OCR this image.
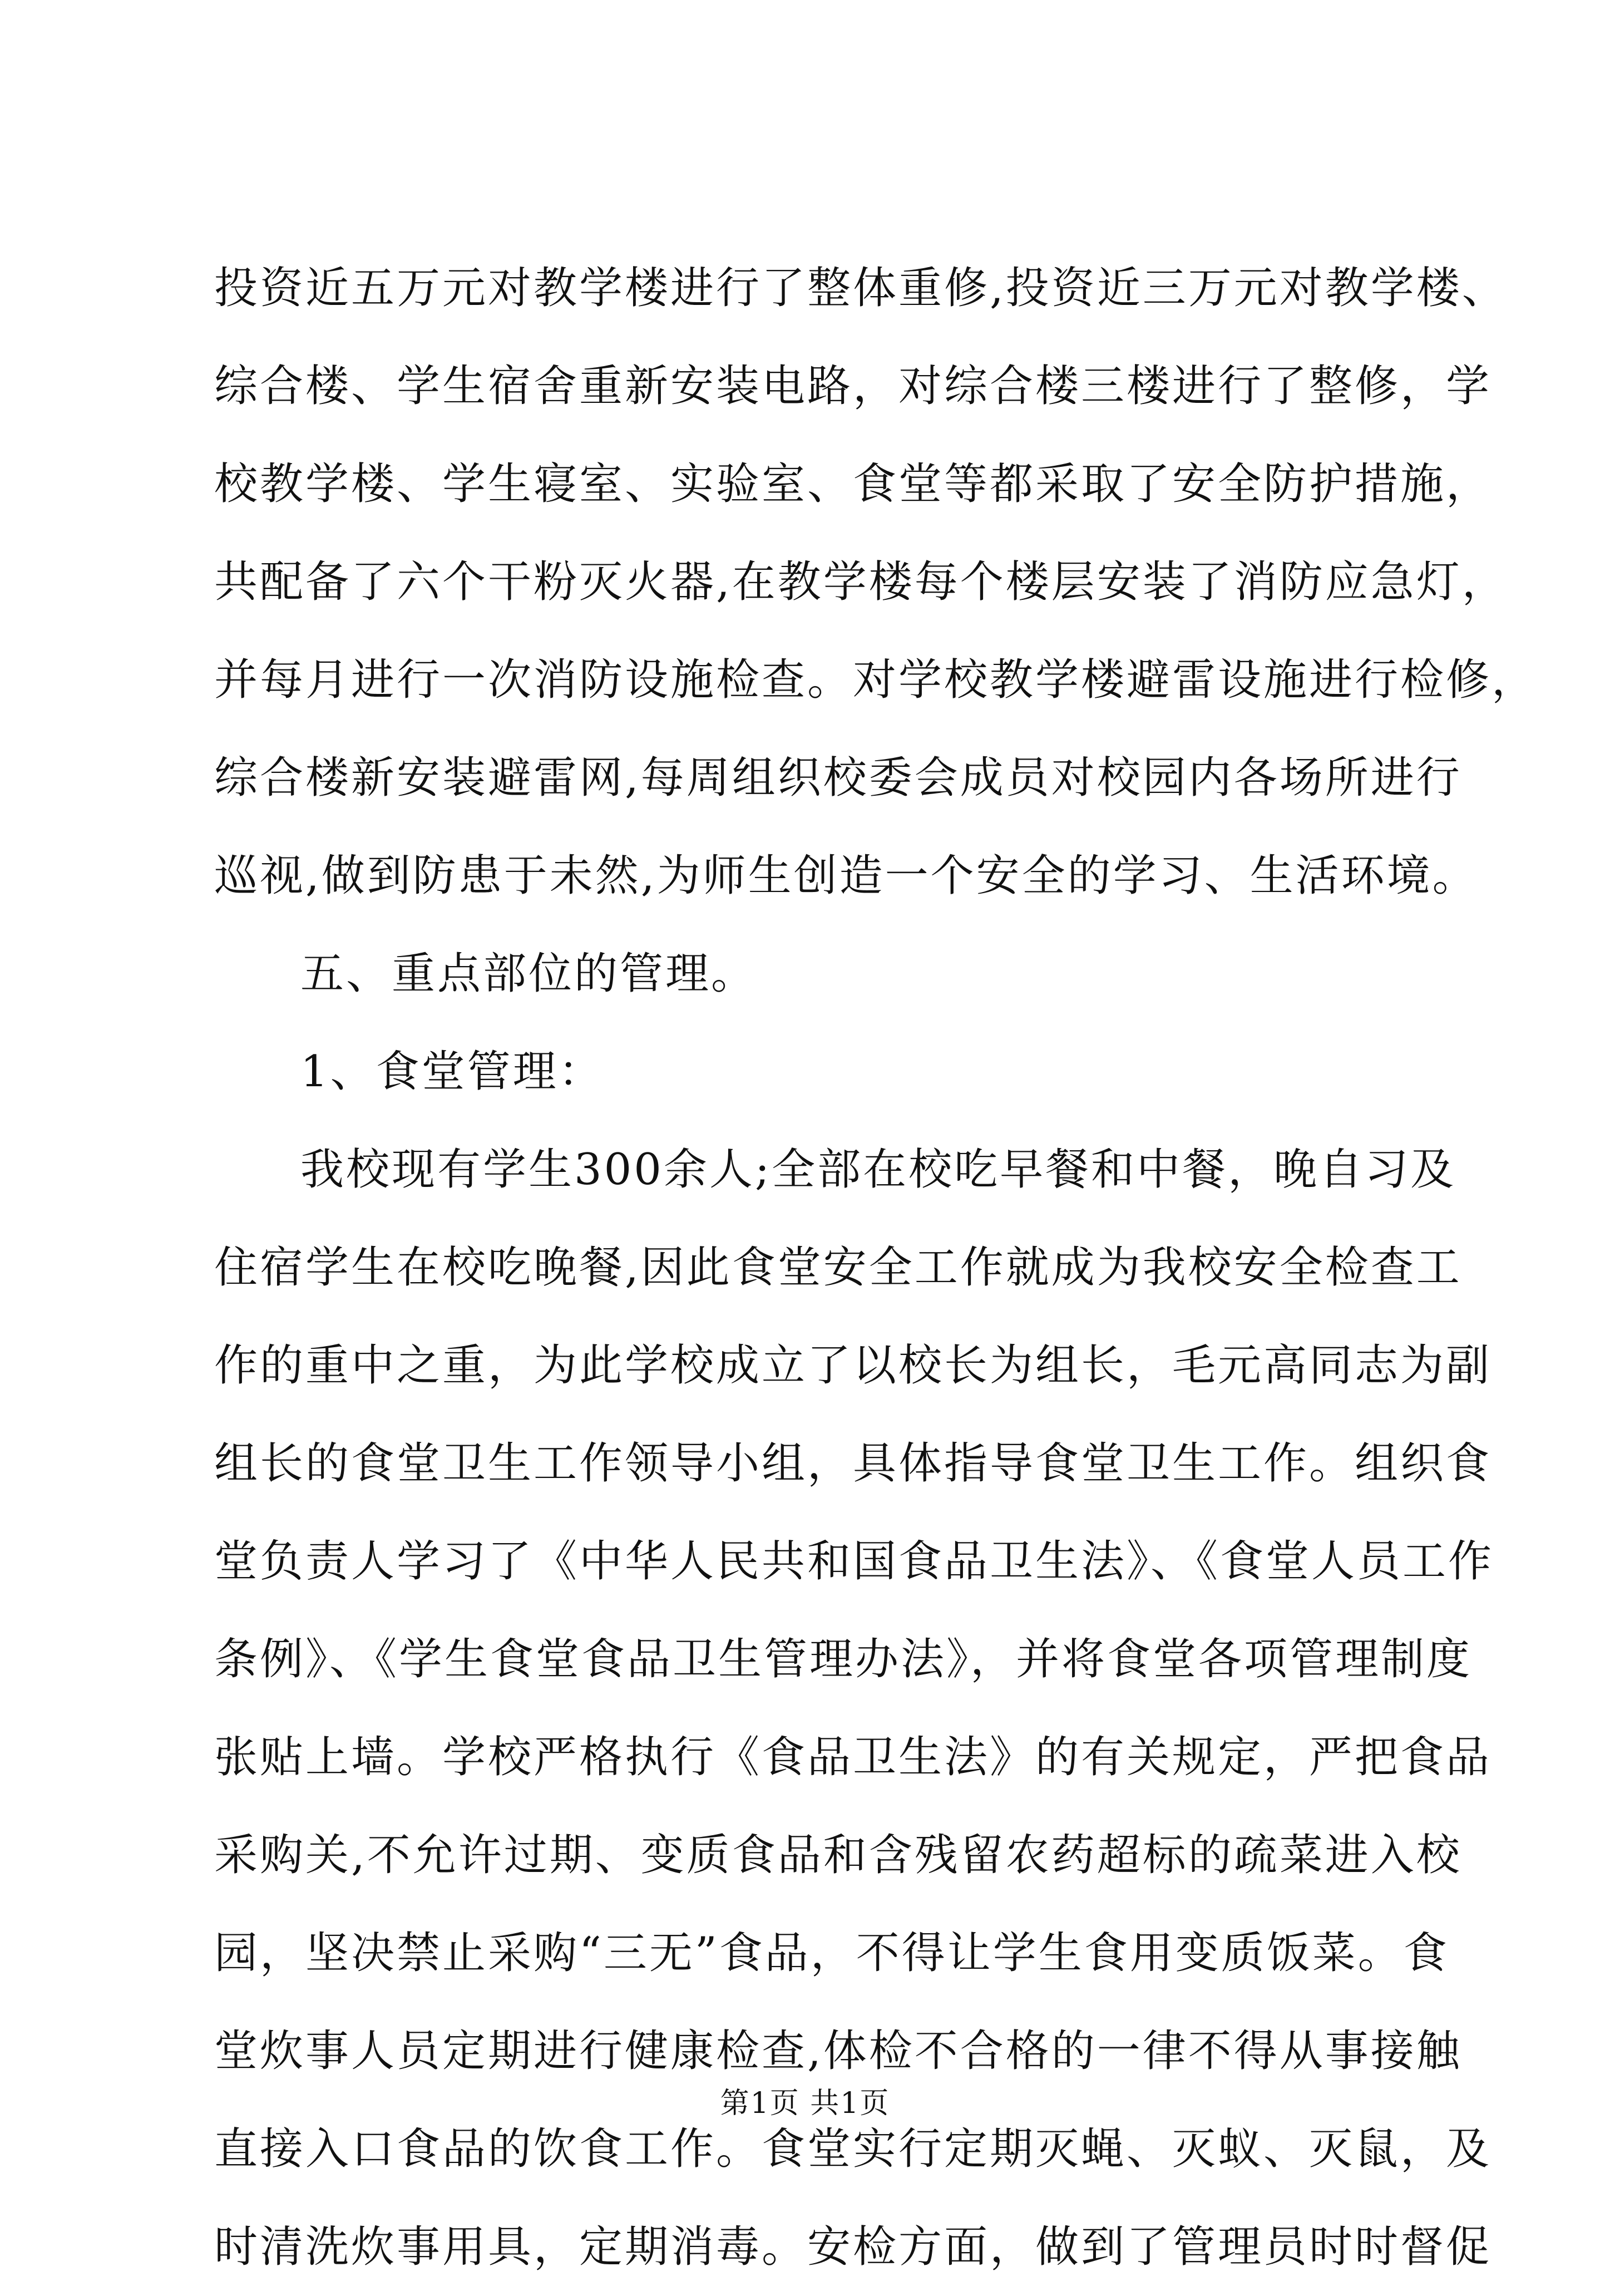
投资近五万元对教学楼进行了整体重修,投资近三万元对教学楼、
综合楼、学生宿舍重新安装电路，对综合楼三楼进行了整修，学
校教学楼、学生寝室、实验室、食堂等都采取了安全防护措施，
共配备了六个干粉灭火器,在教学楼每个楼层安装了消防应急灯，
并每月进行一次消防设施检查。对学校教学楼避雷设施进行检修，
综合楼新安装避雷网,每周组织校委会成员对校园内各场所进行
巡视,做到防患于未然,为师生创造一个安全的学习、生活环境。
五、重点部位的管理。
1、食堂管理：
我校现有学生300余人;全部在校吃早餐和中餐，晚自习及
住宿学生在校吃晚餐,因此食堂安全工作就成为我校安全检查工
作的重中之重，为此学校成立了以校长为组长，毛元高同志为副
组长的食堂卫生工作领导小组，具体指导食堂卫生工作。组织食
堂负责人学习了《中华人民共和国食品卫生法》、《食堂人员工作
条例》、《学生食堂食品卫生管理办法》，并将食堂各项管理制度
张贴上墙。学校严格执行《食品卫生法》的有关规定，严把食品
采购关,不允许过期、变质食品和含残留农药超标的疏菜进入校
园，坚决禁止采购“三无”食品，不得让学生食用变质饭菜。食
堂炊事人员定期进行健康检查,体检不合格的一律不得从事接触
直接入口食品的饮食工作。食堂实行定期灭蝇、灭蚁、灭鼠，及
时清洗炊事用具，定期消毒。安检方面，做到了管理员时时督促
第1页 共1页
